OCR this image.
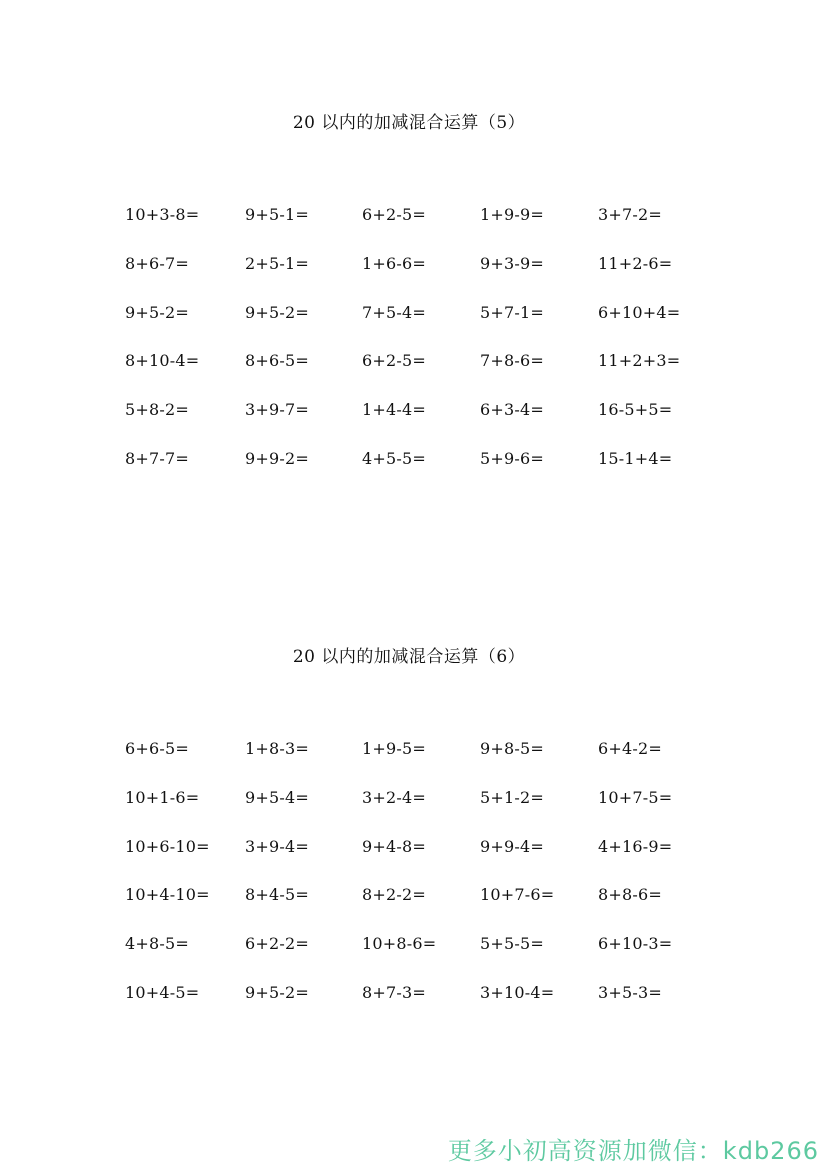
20 以内的加减混合运算（5）
10+3-8=	9+5-1=	6+2-5=	1+9-9=	3+7-2=
8+6-7=	2+5-1=	1+6-6=	9+3-9=	11+2-6=
9+5-2=	9+5-2=	7+5-4=	5+7-1=	6+10+4=
8+10-4=	8+6-5=	6+2-5=	7+8-6=	11+2+3=
5+8-2=	3+9-7=	1+4-4=	6+3-4=	16-5+5=
8+7-7=	9+9-2=	4+5-5=	5+9-6=	15-1+4=
20 以内的加减混合运算（6）
6+6-5=	1+8-3=	1+9-5=	9+8-5=	6+4-2=
10+1-6=	9+5-4=	3+2-4=	5+1-2=	10+7-5=
10+6-10= 3+9-4=	9+4-8=	9+9-4=	4+16-9=
10+4-10= 8+4-5=	8+2-2=	10+7-6=	8+8-6=
4+8-5=	6+2-2=	10+8-6=	5+5-5=	6+10-3=
10+4-5=	9+5-2=	8+7-3=	3+10-4=	3+5-3=
更多小初高资源加微信：kdb266
